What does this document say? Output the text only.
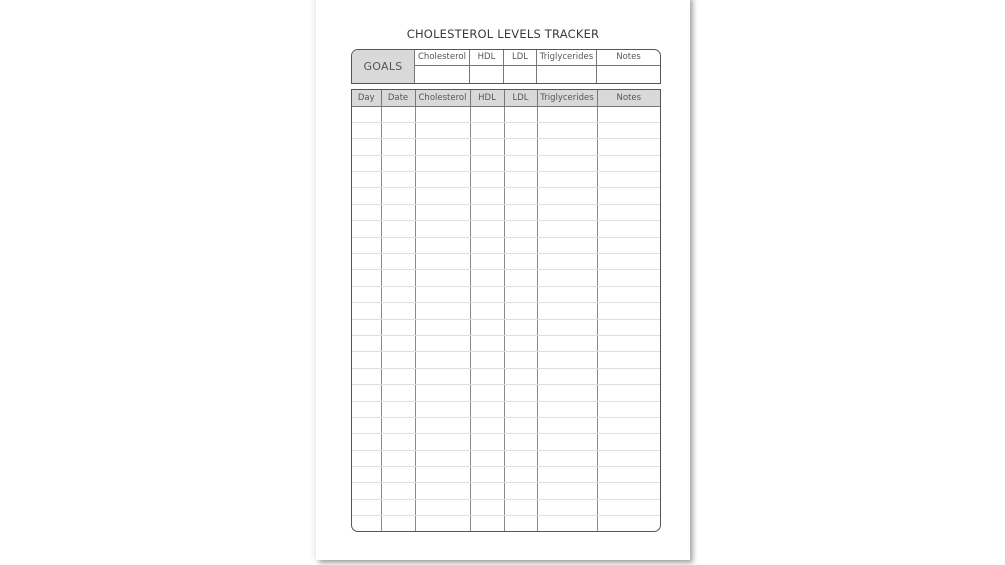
CHOLESTEROL LEVELS TRACKER
GOALS
Cholesterol	HDL	LDL	Triglycerides	Notes
Day	Date	Cholesterol	HDL	LDL	Triglycerides	Notes
